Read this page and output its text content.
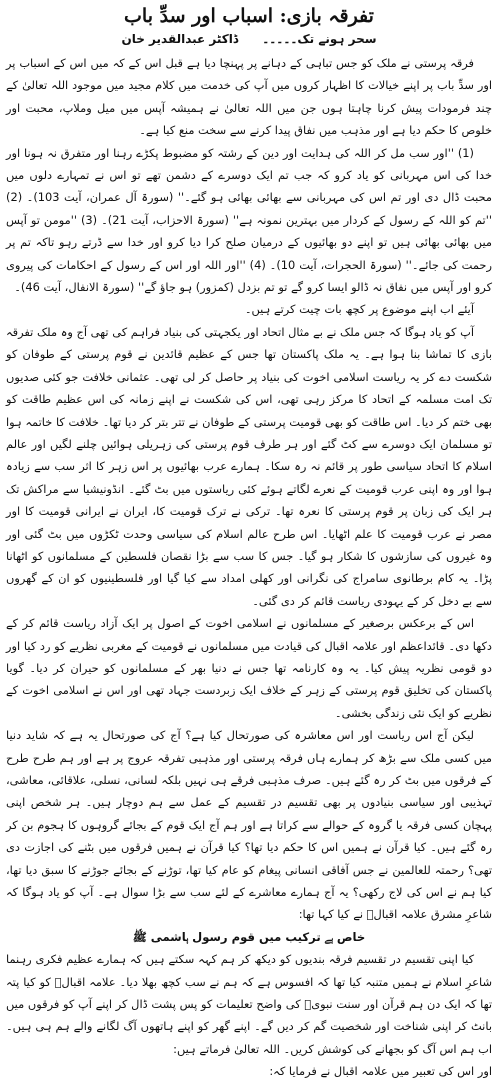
تفرقہ بازی: اسباب اور سدِّ باب
سحر ہونے تک۔۔۔۔۔
ڈاکٹر عبدالقدیر خان

فرقہ پرستی نے ملک کو جس تباہی کے دہانے پر پہنچا دیا ہے قبل اس کے کہ میں اس کے اسباب پر اور سدِّ باب پر اپنے خیالات کا اظہار کروں میں آپ کی خدمت میں کلام مجید میں موجود اللہ تعالیٰ کے چند فرمودات پیش کرنا چاہتا ہوں جن میں اللہ تعالیٰ نے ہمیشہ آپس میں میل وملاپ، محبت اور خلوص کا حکم دیا ہے اور مذہب میں نفاق پیدا کرنے سے سخت منع کیا ہے۔

(1) ''اور سب مل کر اللہ کی ہدایت اور دین کے رشتہ کو مضبوط پکڑے رہنا اور متفرق نہ ہونا اور خدا کی اس مہربانی کو یاد کرو کہ جب تم ایک دوسرے کے دشمن تھے تو اس نے تمہارے دلوں میں محبت ڈال دی اور تم اس کی مہربانی سے بھائی بھائی ہو گئے۔'' (سورۃ آل عمران، آیت 103)۔ (2) ''تم کو اللہ کے رسول کے کردار میں بہترین نمونہ ہے'' (سورۃ الاحزاب، آیت 21)۔ (3) ''مومن تو آپس میں بھائی بھائی ہیں تو اپنے دو بھائیوں کے درمیان صلح کرا دیا کرو اور خدا سے ڈرتے رہو تاکہ تم پر رحمت کی جائے۔'' (سورۃ الحجرات، آیت 10)۔ (4) ''اور اللہ اور اس کے رسول کے احکامات کی پیروی کرو اور آپس میں نفاق نہ ڈالو ایسا کرو گے تو تم بزدل (کمزور) ہو جاؤ گے'' (سورۃ الانفال، آیت 46)۔

آیئے اب اپنے موضوع پر کچھ بات چیت کرتے ہیں۔

آپ کو یاد ہوگا کہ جس ملک نے بے مثال اتحاد اور یکجہتی کی بنیاد فراہم کی تھی آج وہ ملک تفرقہ بازی کا تماشا بنا ہوا ہے۔ یہ ملک پاکستان تھا جس کے عظیم قائدین نے قوم پرستی کے طوفان کو شکست دے کر یہ ریاست اسلامی اخوت کی بنیاد پر حاصل کر لی تھی۔ عثمانی خلافت جو کئی صدیوں تک امت مسلمہ کے اتحاد کا مرکز رہی تھی، اس کی شکست نے اپنے زمانہ کی اس عظیم طاقت کو بھی ختم کر دیا۔ اس طاقت کو بھی قومیت پرستی کے طوفان نے تتر بتر کر دیا تھا۔ خلافت کا خاتمہ ہوا تو مسلمان ایک دوسرے سے کٹ گئے اور ہر طرف قوم پرستی کی زہریلی ہوائیں چلنے لگیں اور عالم اسلام کا اتحاد سیاسی طور پر قائم نہ رہ سکا۔ ہمارے عرب بھائیوں پر اس زہر کا اثر سب سے زیادہ ہوا اور وہ اپنی عرب قومیت کے نعرے لگاتے ہوئے کئی ریاستوں میں بٹ گئے۔ انڈونیشیا سے مراکش تک ہر ایک کی زبان پر قوم پرستی کا نعرہ تھا۔ ترکی نے ترک قومیت کا، ایران نے ایرانی قومیت کا اور مصر نے عرب قومیت کا علم اٹھایا۔ اس طرح عالم اسلام کی سیاسی وحدت ٹکڑوں میں بٹ گئی اور وہ غیروں کی سازشوں کا شکار ہو گیا۔ جس کا سب سے بڑا نقصان فلسطین کے مسلمانوں کو اٹھانا پڑا۔ یہ کام برطانوی سامراج کی نگرانی اور کھلی امداد سے کیا گیا اور فلسطینیوں کو ان کے گھروں سے بے دخل کر کے یہودی ریاست قائم کر دی گئی۔

اس کے برعکس برصغیر کے مسلمانوں نے اسلامی اخوت کے اصول پر ایک آزاد ریاست قائم کر کے دکھا دی۔ قائداعظم اور علامہ اقبال کی قیادت میں مسلمانوں نے قومیت کے مغربی نظریے کو رد کیا اور دو قومی نظریہ پیش کیا۔ یہ وہ کارنامہ تھا جس نے دنیا بھر کے مسلمانوں کو حیران کر دیا۔ گویا پاکستان کی تخلیق قوم پرستی کے زہر کے خلاف ایک زبردست جہاد تھی اور اس نے اسلامی اخوت کے نظریے کو ایک نئی زندگی بخشی۔

لیکن آج اس ریاست اور اس معاشرہ کی صورتحال کیا ہے؟ آج کی صورتحال یہ ہے کہ شاید دنیا میں کسی ملک سے بڑھ کر ہمارے ہاں فرقہ پرستی اور مذہبی تفرقہ عروج پر ہے اور ہم طرح طرح کے فرقوں میں بٹ کر رہ گئے ہیں۔ صرف مذہبی فرقے ہی نہیں بلکہ لسانی، نسلی، علاقائی، معاشی، تہذیبی اور سیاسی بنیادوں پر بھی تقسیم در تقسیم کے عمل سے ہم دوچار ہیں۔ ہر شخص اپنی پہچان کسی فرقہ یا گروہ کے حوالے سے کراتا ہے اور ہم آج ایک قوم کے بجائے گروہوں کا ہجوم بن کر رہ گئے ہیں۔ کیا قرآن نے ہمیں اس کا حکم دیا تھا؟ کیا قرآن نے ہمیں فرقوں میں بٹنے کی اجازت دی تھی؟ رحمتہ للعالمین نے جس آفاقی انسانی پیغام کو عام کیا تھا، توڑنے کے بجائے جوڑنے کا سبق دیا تھا، کیا ہم نے اس کی لاج رکھی؟ یہ آج ہمارے معاشرے کے لئے سب سے بڑا سوال ہے۔ آپ کو یاد ہوگا کہ شاعرِ مشرق علامہ اقبالؒ نے کیا کہا تھا:

خاص ہے ترکیب میں قوم رسول ہاشمی ﷺ

کیا اپنی تقسیم در تقسیم فرقہ بندیوں کو دیکھ کر ہم کہہ سکتے ہیں کہ ہمارے عظیم فکری رہنما شاعرِ اسلام نے ہمیں متنبہ کیا تھا کہ افسوس ہے کہ ہم نے سب کچھ بھلا دیا۔ علامہ اقبالؒ کو کیا پتہ تھا کہ ایک دن ہم قرآن اور سنت نبویؐ کی واضح تعلیمات کو پس پشت ڈال کر اپنے آپ کو فرقوں میں بانٹ کر اپنی شناخت اور شخصیت گم کر دیں گے۔ اپنے گھر کو اپنے ہاتھوں آگ لگانے والے ہم ہی ہیں۔ اب ہم اس آگ کو بجھانے کی کوشش کریں۔ اللہ تعالیٰ فرماتے ہیں:

اور اس کی تعبیر میں علامہ اقبال نے فرمایا کہ:
